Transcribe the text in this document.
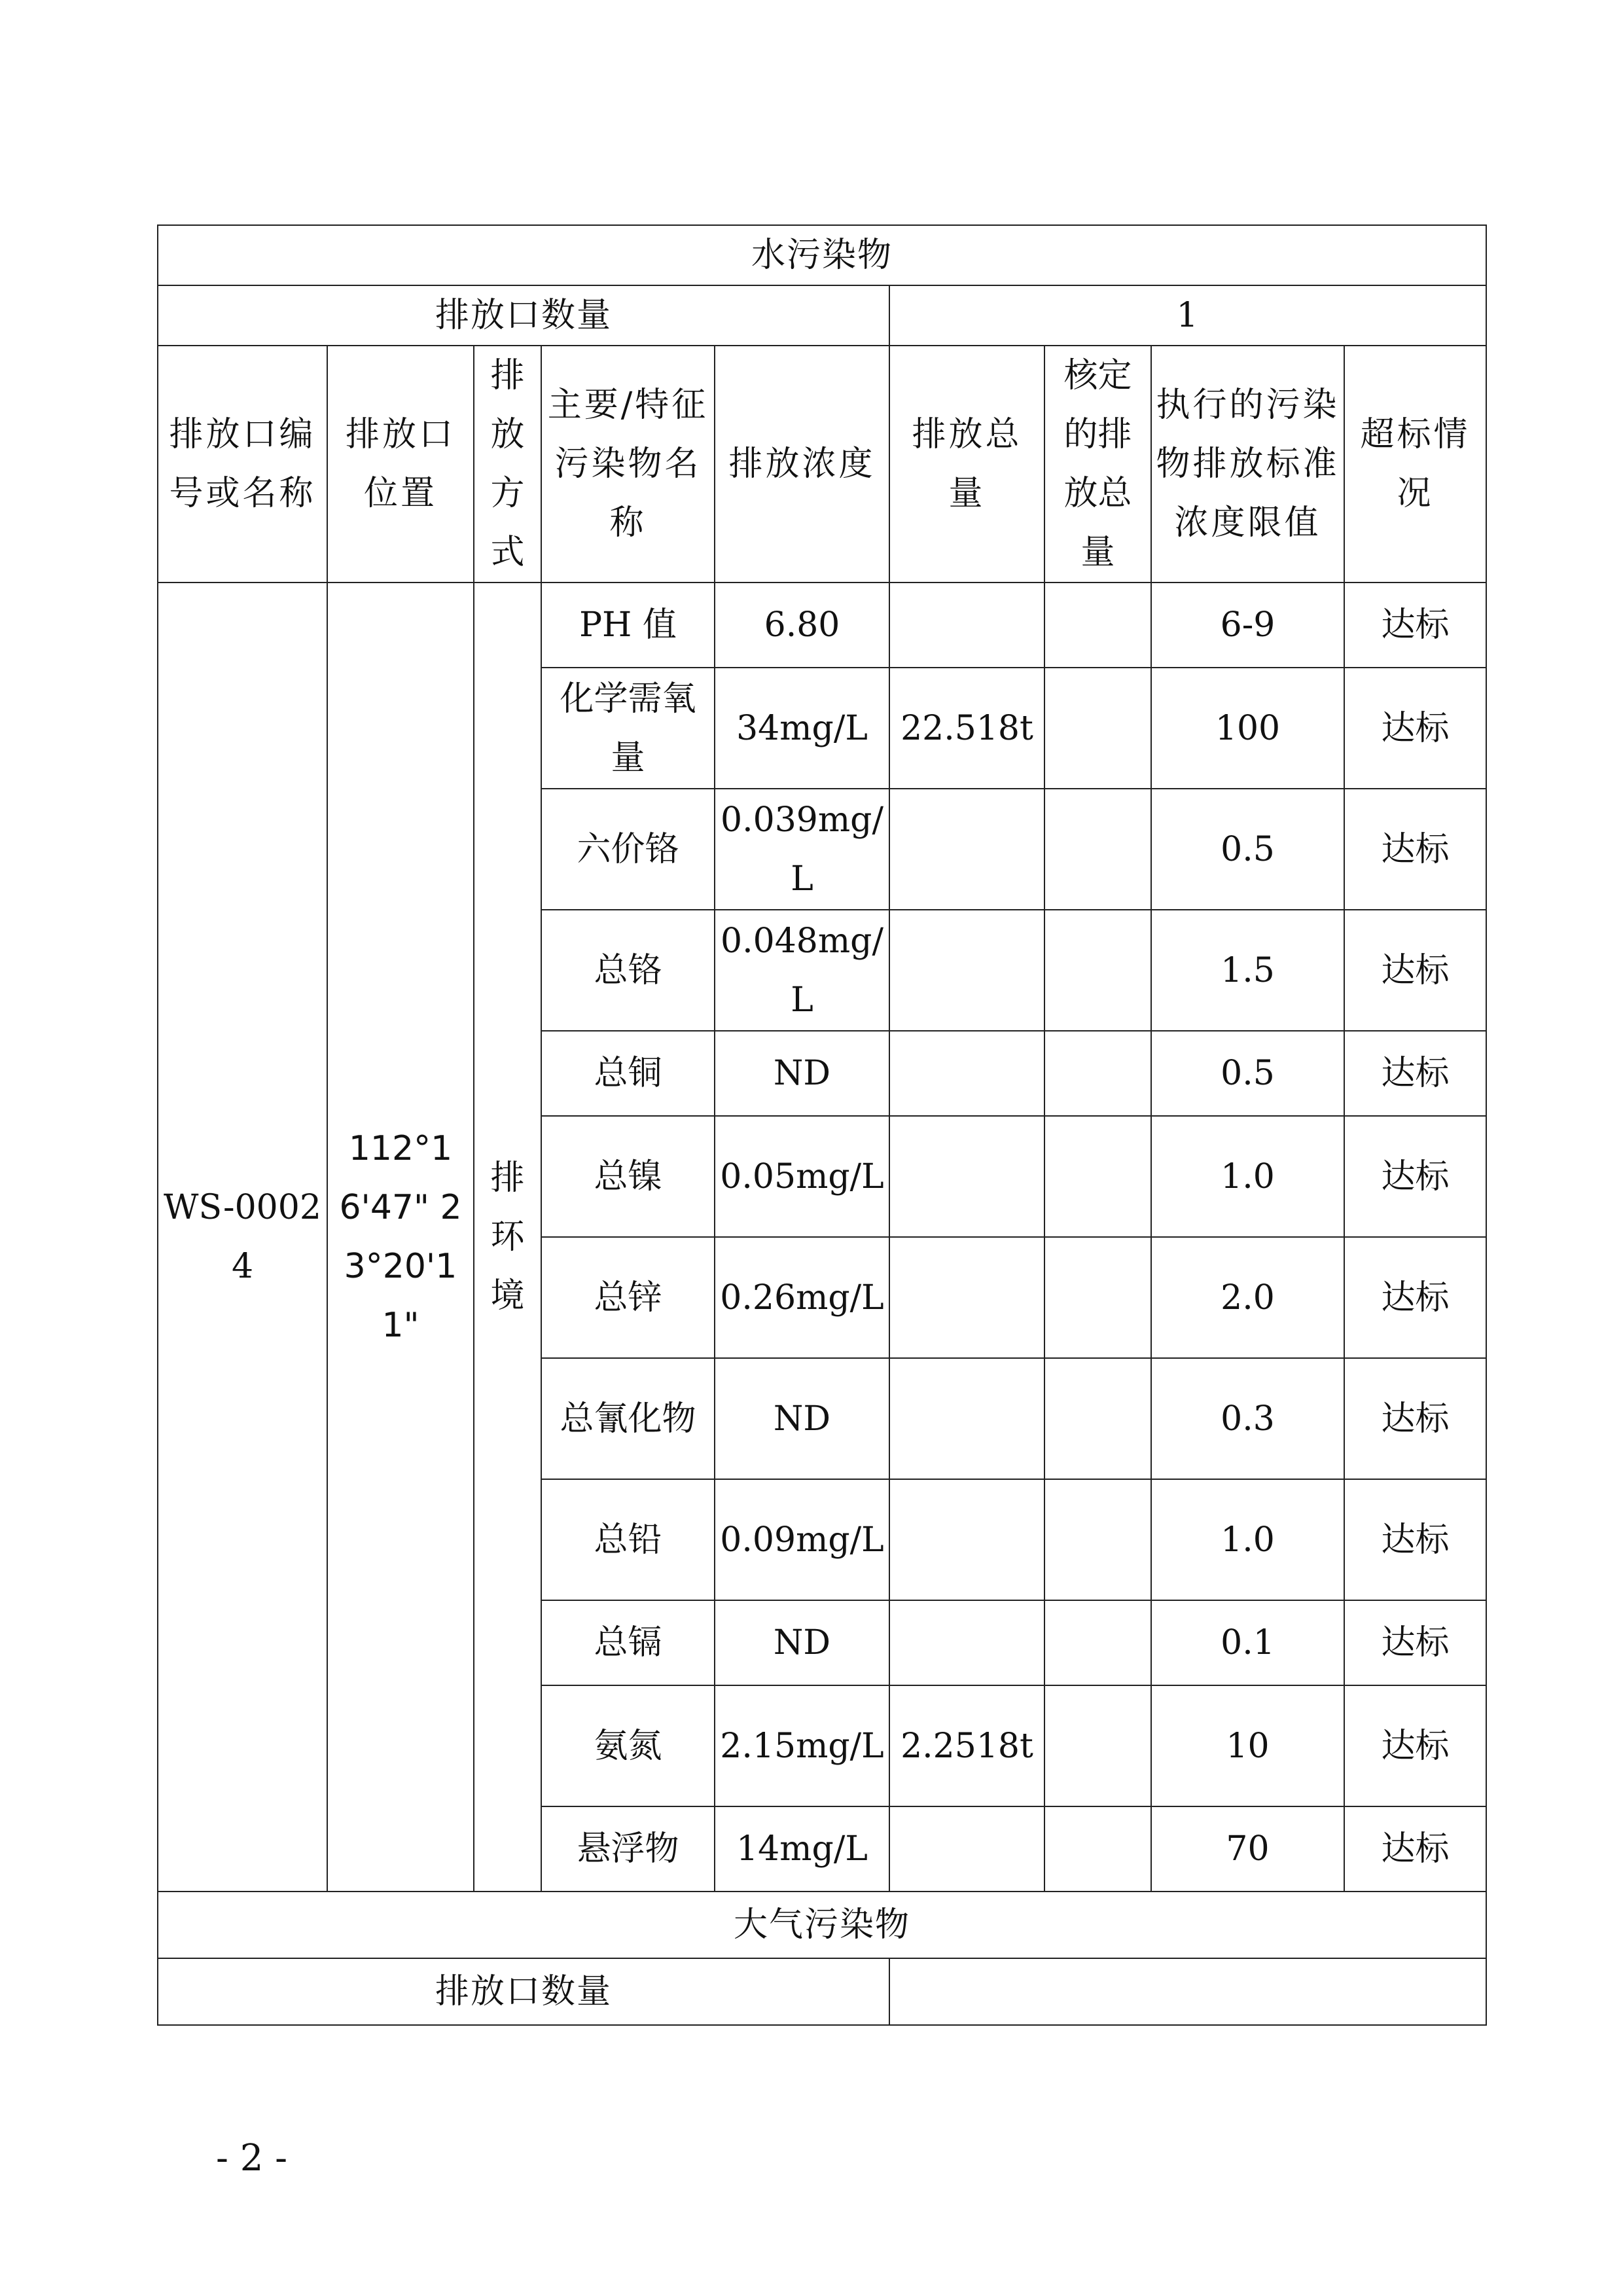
水污染物								
排放口数量					1			
排放口编号或名称	排放口位置	排放方式	主要/特征污染物名称	排放浓度	排放总量	核定的排放总量	执行的污染物排放标准浓度限值	超标情况
WS-00024	112°16'47" 23°20'11"	排环境	PH 值	6.80			6-9	达标
			化学需氧量	34mg/L	22.518t		100	达标
			六价铬	0.039mg/L			0.5	达标
			总铬	0.048mg/L			1.5	达标
			总铜	ND			0.5	达标
			总镍	0.05mg/L			1.0	达标
			总锌	0.26mg/L			2.0	达标
			总氰化物	ND			0.3	达标
			总铅	0.09mg/L			1.0	达标
			总镉	ND			0.1	达标
			氨氮	2.15mg/L	2.2518t		10	达标
			悬浮物	14mg/L			70	达标
大气污染物								
排放口数量								
- 2 -
